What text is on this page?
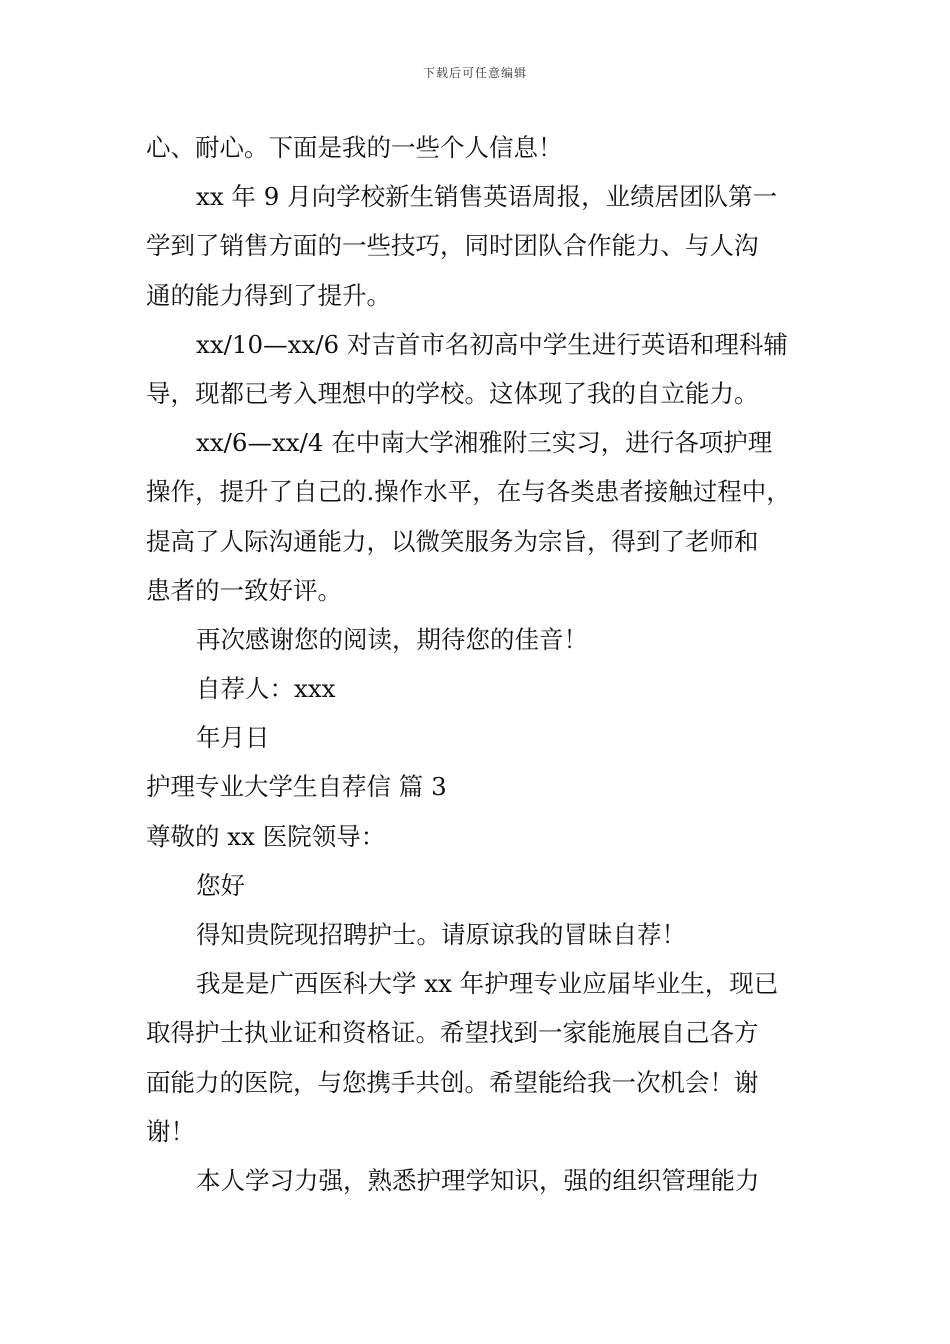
下载后可任意编辑
心、耐心。下面是我的一些个人信息！
xx 年 9 月向学校新生销售英语周报，业绩居团队第一
学到了销售方面的一些技巧，同时团队合作能力、与人沟
通的能力得到了提升。
xx/10—xx/6 对吉首市名初高中学生进行英语和理科辅
导，现都已考入理想中的学校。这体现了我的自立能力。
xx/6—xx/4 在中南大学湘雅附三实习，进行各项护理
操作，提升了自己的.操作水平，在与各类患者接触过程中，
提高了人际沟通能力，以微笑服务为宗旨，得到了老师和
患者的一致好评。
再次感谢您的阅读，期待您的佳音！
自荐人：xxx
年月日
护理专业大学生自荐信 篇 3
尊敬的 xx 医院领导：
您好
得知贵院现招聘护士。请原谅我的冒昧自荐！
我是是广西医科大学 xx 年护理专业应届毕业生，现已
取得护士执业证和资格证。希望找到一家能施展自己各方
面能力的医院，与您携手共创。希望能给我一次机会！谢
谢！
本人学习力强，熟悉护理学知识，强的组织管理能力
